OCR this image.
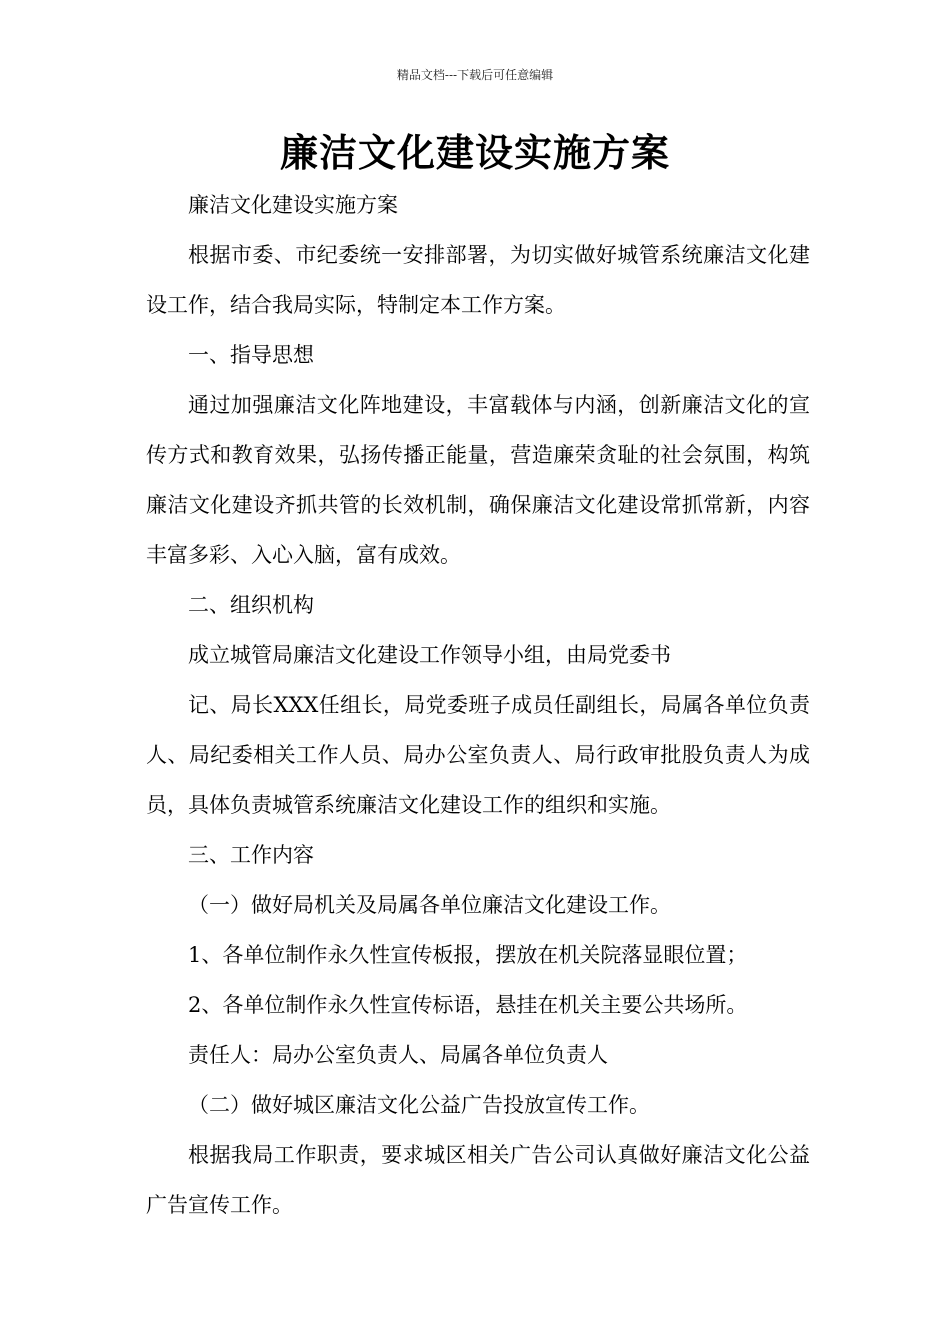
精品文档---下载后可任意编辑
廉洁文化建设实施方案

廉洁文化建设实施方案

根据市委、市纪委统一安排部署，为切实做好城管系统廉洁文化建设工作，结合我局实际，特制定本工作方案。

一、指导思想

通过加强廉洁文化阵地建设，丰富载体与内涵，创新廉洁文化的宣传方式和教育效果，弘扬传播正能量，营造廉荣贪耻的社会氛围，构筑廉洁文化建设齐抓共管的长效机制，确保廉洁文化建设常抓常新，内容丰富多彩、入心入脑，富有成效。

二、组织机构

成立城管局廉洁文化建设工作领导小组，由局党委书

记、局长XXX任组长，局党委班子成员任副组长，局属各单位负责人、局纪委相关工作人员、局办公室负责人、局行政审批股负责人为成员，具体负责城管系统廉洁文化建设工作的组织和实施。

三、工作内容

（一）做好局机关及局属各单位廉洁文化建设工作。

1、各单位制作永久性宣传板报，摆放在机关院落显眼位置；

2、各单位制作永久性宣传标语，悬挂在机关主要公共场所。

责任人：局办公室负责人、局属各单位负责人

（二）做好城区廉洁文化公益广告投放宣传工作。

根据我局工作职责，要求城区相关广告公司认真做好廉洁文化公益广告宣传工作。
